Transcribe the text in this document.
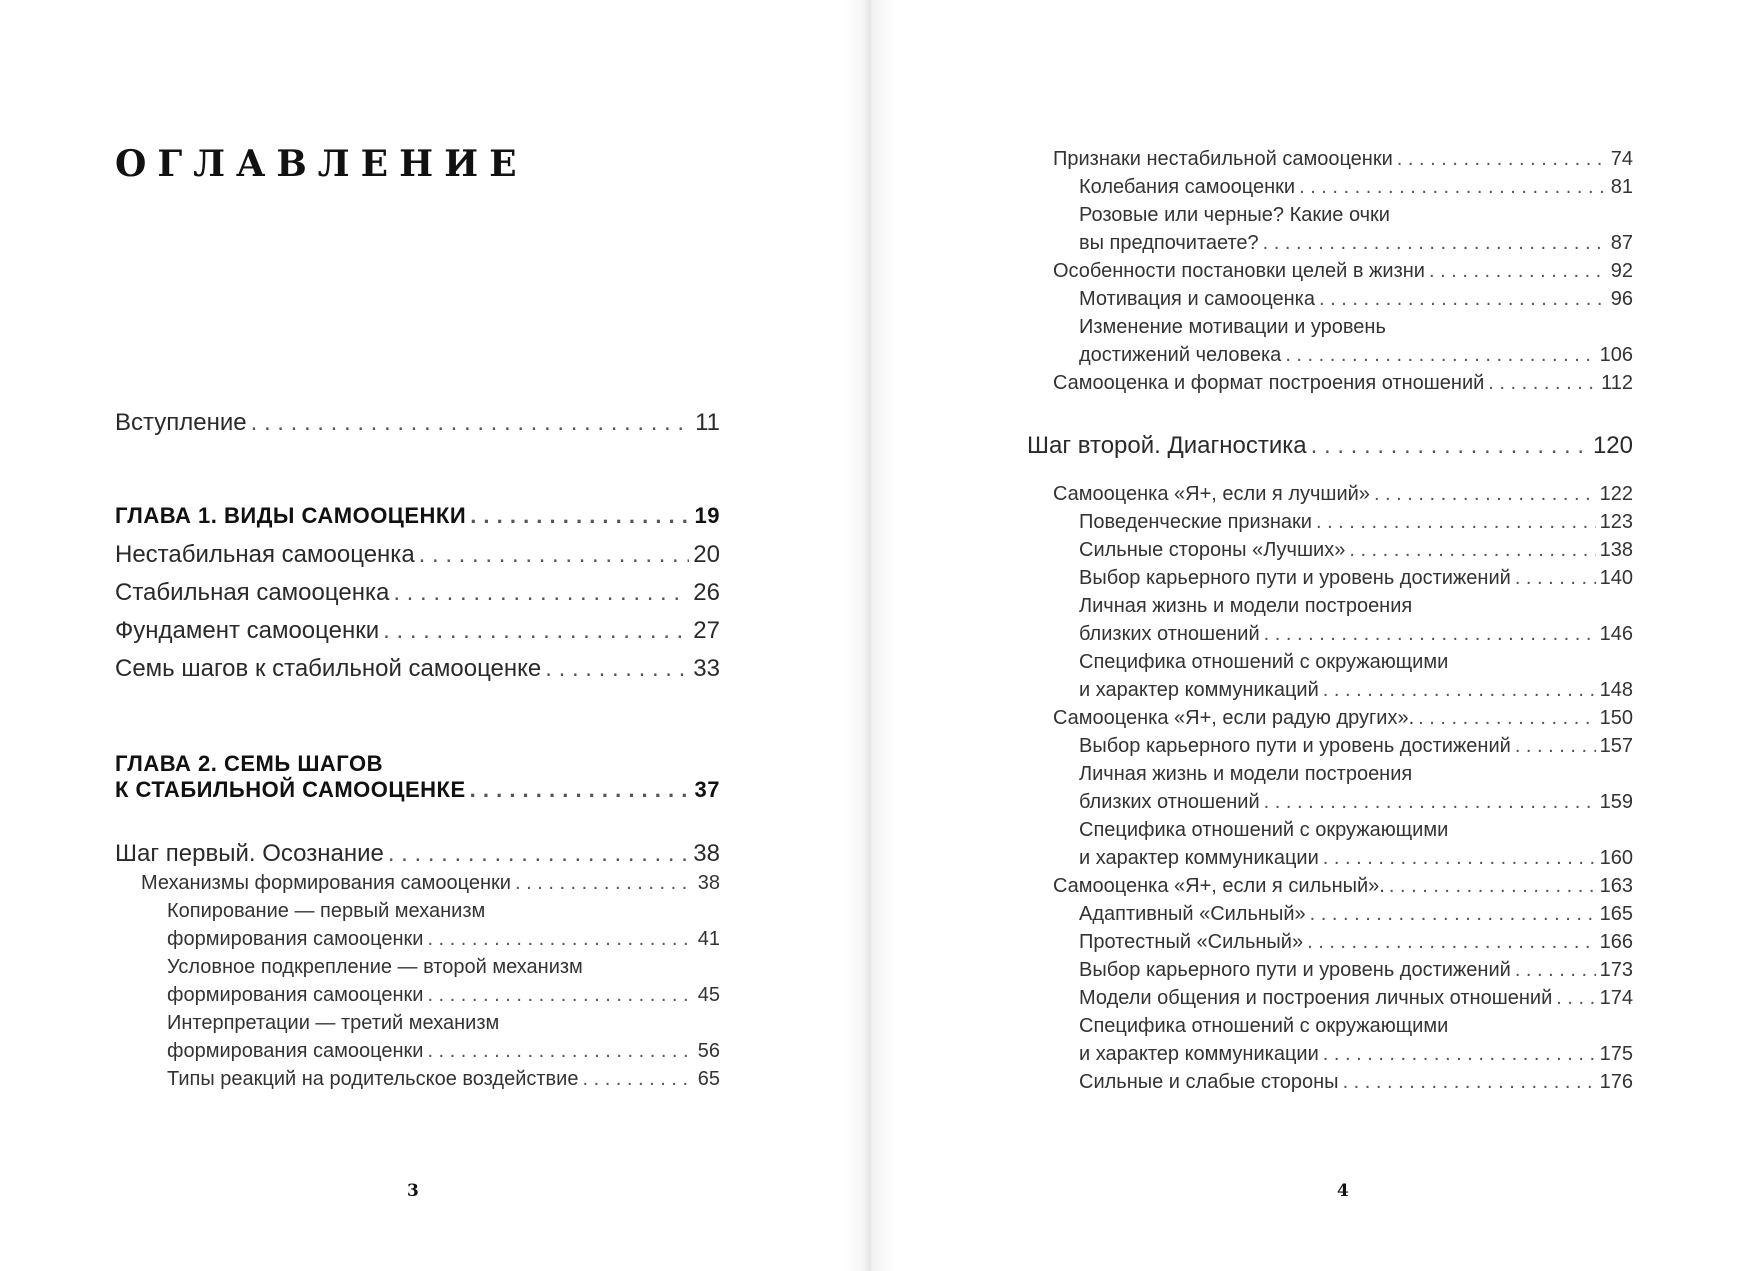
ОГЛАВЛЕНИЕ
Вступление . . .	11
ГЛАВА 1. ВИДЫ САМООЦЕНКИ . . .	19
Нестабильная самооценка . . .	20
Стабильная самооценка . . .	26
Фундамент самооценки . . .	27
Семь шагов к стабильной самооценке . . .	33
ГЛАВА 2. СЕМЬ ШАГОВ
К СТАБИЛЬНОЙ САМООЦЕНКЕ . . .	37
Шаг первый. Осознание . . .	38
Механизмы формирования самооценки . . .	38
Копирование — первый механизм
формирования самооценки . . .	41
Условное подкрепление — второй механизм
формирования самооценки . . .	45
Интерпретации — третий механизм
формирования самооценки . . .	56
Типы реакций на родительское воздействие . . .	65
3
Признаки нестабильной самооценки . . .	74
Колебания самооценки . . .	81
Розовые или черные? Какие очки
вы предпочитаете? . . .	87
Особенности постановки целей в жизни . . .	92
Мотивация и самооценка . . .	96
Изменение мотивации и уровень
достижений человека . . .	106
Самооценка и формат построения отношений . . .	112
Шаг второй. Диагностика . . .	120
Самооценка «Я+, если я лучший» . . .	122
Поведенческие признаки . . .	123
Сильные стороны «Лучших» . . .	138
Выбор карьерного пути и уровень достижений . . .	140
Личная жизнь и модели построения
близких отношений . . .	146
Специфика отношений с окружающими
и характер коммуникаций . . .	148
Самооценка «Я+, если радую других». . . .	150
Выбор карьерного пути и уровень достижений . . .	157
Личная жизнь и модели построения
близких отношений . . .	159
Специфика отношений с окружающими
и характер коммуникации . . .	160
Самооценка «Я+, если я сильный». . . .	163
Адаптивный «Сильный» . . .	165
Протестный «Сильный» . . .	166
Выбор карьерного пути и уровень достижений . . .	173
Модели общения и построения личных отношений . . . 174
Специфика отношений с окружающими
и характер коммуникации . . .	175
Сильные и слабые стороны . . .	176
4
